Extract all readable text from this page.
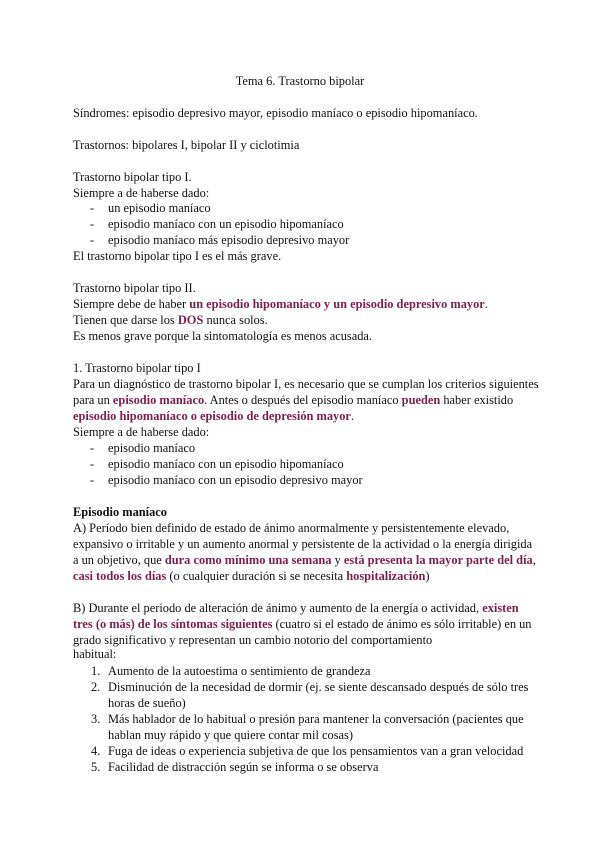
Tema 6. Trastorno bipolar
Síndromes: episodio depresivo mayor, episodio maníaco o episodio hipomaníaco.
Trastornos: bipolares I, bipolar II y ciclotimia
Trastorno bipolar tipo I.
Siempre a de haberse dado:
- un episodio maníaco
- episodio maníaco con un episodio hipomaníaco
- episodio maníaco más episodio depresivo mayor
El trastorno bipolar tipo I es el más grave.
Trastorno bipolar tipo II.
Siempre debe de haber un episodio hipomaníaco y un episodio depresivo mayor.
Tienen que darse los DOS nunca solos.
Es menos grave porque la sintomatología es menos acusada.
1. Trastorno bipolar tipo I
Para un diagnóstico de trastorno bipolar I, es necesario que se cumplan los criterios siguientes
para un episodio maníaco. Antes o después del episodio maníaco pueden haber existido
episodio hipomaníaco o episodio de depresión mayor.
Siempre a de haberse dado:
- episodio maníaco
- episodio maníaco con un episodio hipomaníaco
- episodio maníaco con un episodio depresivo mayor
Episodio maníaco
A) Período bien definido de estado de ánimo anormalmente y persistentemente elevado,
expansivo o irritable y un aumento anormal y persistente de la actividad o la energía dirigida
a un objetivo, que dura como mínimo una semana y está presenta la mayor parte del día,
casi todos los días (o cualquier duración si se necesita hospitalización)
B) Durante el periodo de alteración de ánimo y aumento de la energía o actividad, existen
tres (o más) de los síntomas siguientes (cuatro si el estado de ánimo es sólo irritable) en un
grado significativo y representan un cambio notorio del comportamiento
habitual:
1. Aumento de la autoestima o sentimiento de grandeza
2. Disminución de la necesidad de dormir (ej. se siente descansado después de sólo tres
horas de sueño)
3. Más hablador de lo habitual o presión para mantener la conversación (pacientes que
hablan muy rápido y que quiere contar mil cosas)
4. Fuga de ideas o experiencia subjetiva de que los pensamientos van a gran velocidad
5. Facilidad de distracción según se informa o se observa
